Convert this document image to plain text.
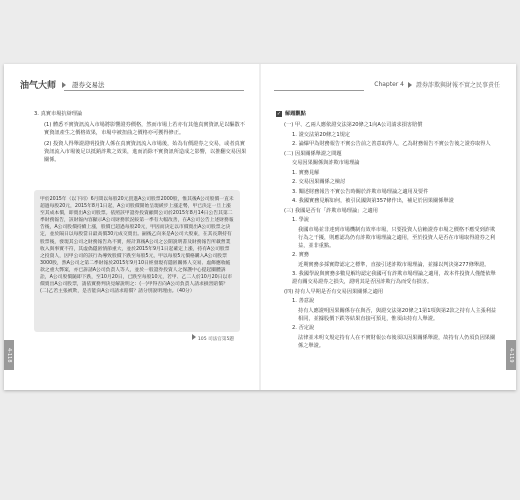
油气大师 證券交易法	Chapter 4 證券詐欺與財報不實之民事責任

3. 真實市場抗辯理論

(1) 體悉不實資訊流入市場將影響證券價格，然而市場上若亦有其他真實資訊足以驅散不實資訊產生之價格效果，市場中被扭曲之價格亦可獲得修正。

(2) 投資人得舉證證明投資人係在真實資訊流入市場後，始為有價證券之交易，或者真實資訊流入市場後足以抵銷詐欺之效果，進而消除不實資訊所造成之影響，以推翻交易因果關係。

甲於2015年（以下同）6月間以每股20元買進A公司股票2000股，惟其後A公司股價一直未超過每股20元，2015年8月1日起，A公司股價開始呈現緩步上漲走勢，甲已決定一旦上漲至其成本價，即賣出A公司股票。依照該甲證券投資顧問公司於2015年8月14日公告其第二季財務報告，該財報內容顯示A公司財務狀況較第一季有大幅改善，在A公司公告上述財務報告後，A公司股價持續上漲，股價已超過每股20元，甲因而決定以市價賣出A公司股票之決定，並於隔日以每股當日最高價30元成交賣出。嗣後乙向來是A公司大股東，在其長期持有股票後，發現其公司之財務報告為不實，經計算後A公司之公開說明書及財務報告所載營業收入與事實不符，其虛偽隱匿情節重大，並於2015年9月1日起確定上漲，持有A公司股票之投資人，因甲公司的該行為導致股價下跌至每股5元，甲以每股5元價格購入A公司股票3000股，然A公司之第二季財報於2015年9月10日經發現有隱匿關係人交易、虛飾應收帳款之重大弊案，亦已訴請A公司負責人等人，並於一般證券投資人之保護中心提起團體訴訟，A公司股價隨即下跌，至10月20日，已跌至每股10元，若甲、乙二人於10月20日以市價賣出A公司股票，請依實務判決見解說明之：(一)甲得否向A公司負責人請求損害賠償？(二)乙若主張被欺，是否能向A公司請求賠償？請分別說明理由。（40分）
105 司法官第5題
✓ 解題觀點

(一) 甲、乙兩人應依證交法第20條之1向A公司請求損害賠償

1. 證交法第20條之1規定

2. 論爆甲為財務報告不實公告前之善意取得人，乙為財務報告不實公告後之證券取得人

(二) 因果關係舉證之問題

交易因果關係與詐欺市場理論

1. 實務見解

2. 交易因果關係之檢討

3. 闡述財務報告不實公告時關於詐欺市場理論之適用及要件

4. 我國實務見解如何，被引民國與第357條作出，補足於因果關係舉證

(三) 我國是否有「詐欺市場理論」之適用

1. 學說

我國市場並非達到市場機制有效率市場，只要投資人信賴證券市場之價格不應受到詐欺行為之干擾，則應認為仍有詐欺市場理論之適用，至於投資人是否在市場取得證券之利益，並非重點。

2. 實務

近期實務多採實際認定之標準，直接引述詐欺市場理論，並據以判決第277條舉證。

3. 我國學說與實務多數見解均認定我國可有詐欺市場理論之適用，故本件投資人僅能依舉證有關交易證券之損失，證明其是否因詐欺行為而受有損害。

(四) 持有人早期是否有交易因果關係之適用

1. 善意說

持有人應證明因果關係存在與否，與證交法第20條之1第1項與第2款之持有人主張利益相同，並據股價下跌等結果直接可預見，惟須由持有人舉證。

2. 否定說

法律並未明文規定持有人在不實財報公布後須以因果關係舉證，故持有人仍須負因果關係之舉證。

4-118	4-119
